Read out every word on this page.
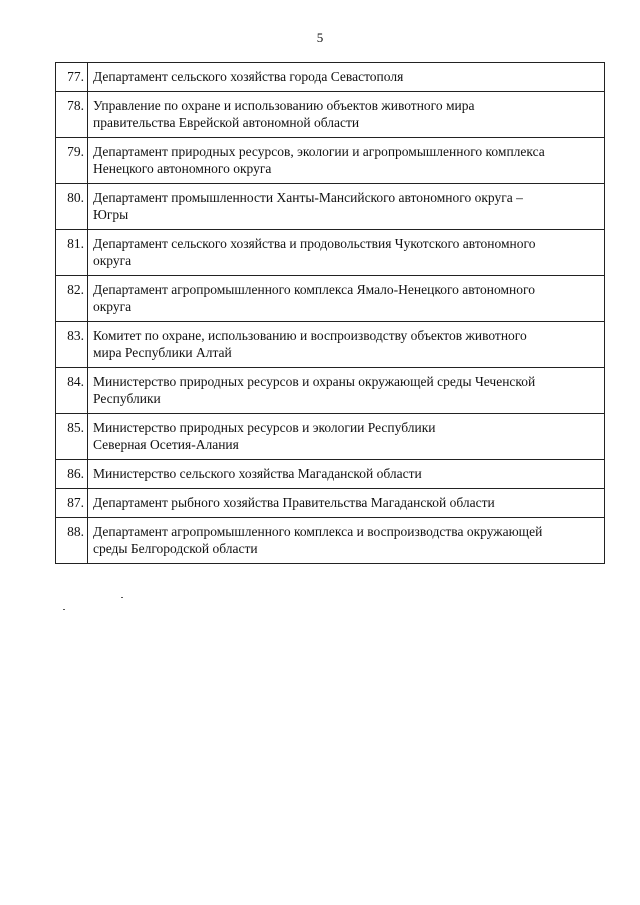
5
77.	Департамент сельского хозяйства города Севастополя

78.	Управление по охране и использованию объектов животного мира
правительства Еврейской автономной области

79.	Департамент природных ресурсов, экологии и агропромышленного комплекса
Ненецкого автономного округа

80.	Департамент промышленности Ханты-Мансийского автономного округа –
Югры

81.	Департамент сельского хозяйства и продовольствия Чукотского автономного
округа

82.	Департамент агропромышленного комплекса Ямало-Ненецкого автономного
округа

83.	Комитет по охране, использованию и воспроизводству объектов животного
мира Республики Алтай

84.	Министерство природных ресурсов и охраны окружающей среды Чеченской
Республики

85.	Министерство природных ресурсов и экологии Республики
Северная Осетия-Алания

86.	Министерство сельского хозяйства Магаданской области

87.	Департамент рыбного хозяйства Правительства Магаданской области

88.	Департамент агропромышленного комплекса и воспроизводства окружающей
среды Белгородской области
